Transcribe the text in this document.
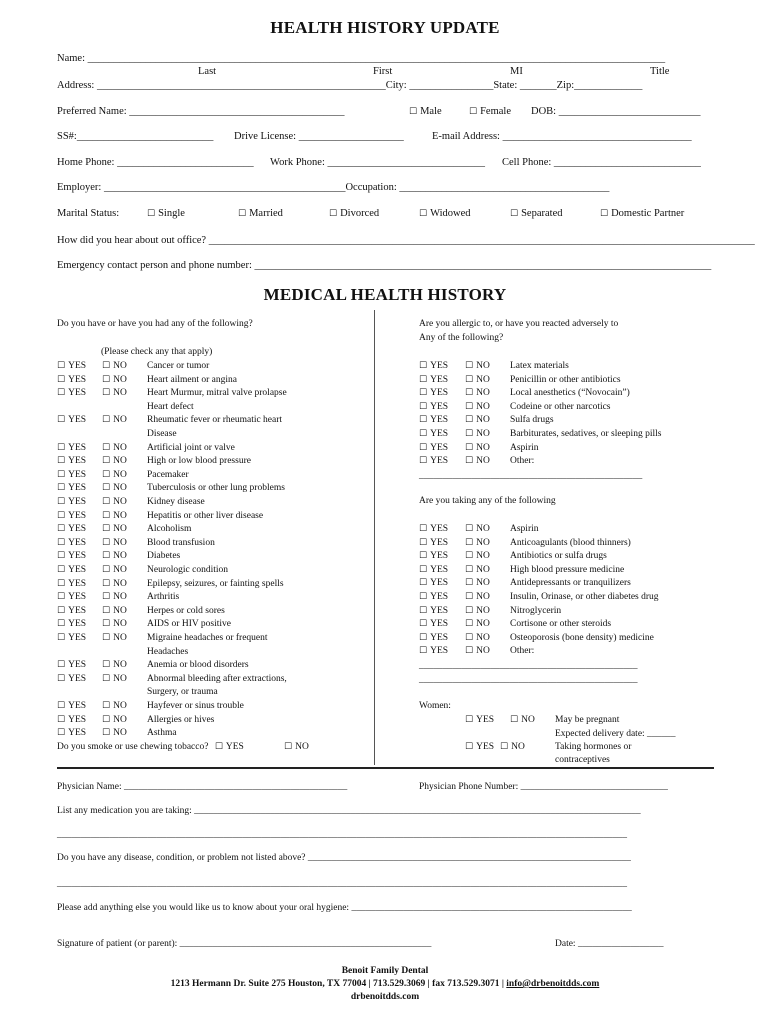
HEALTH HISTORY UPDATE
Name: ______________________________________________________________________________________________________________
Last	First	MI	Title
Address: _______________________________________________________City: ________________State: _______Zip:_____________
Preferred Name: _________________________________________ ☐	Male ☐	Female DOB: ___________________________
SS#:__________________________ Drive License: ____________________	E-mail Address: ____________________________________
Home Phone: __________________________ Work Phone: ______________________________ Cell Phone: ____________________________
Employer: ______________________________________________Occupation: ________________________________________
Marital Status: ☐	Single ☐	Married ☐	Divorced ☐	Widowed ☐	Separated ☐	Domestic Partner
How did you hear about out office? ________________________________________________________________________________________________________
Emergency contact person and phone number: _______________________________________________________________________________________
MEDICAL HEALTH HISTORY
Do you have or have you had any of the following?
(Please check any that apply)
☐ YES ☐	NO Cancer or tumor
☐ YES ☐	NO Heart ailment or angina
☐ YES ☐	NO Heart Murmur, mitral valve prolapse
Heart defect
☐ YES ☐	NO Rheumatic fever or rheumatic heart
Disease
☐ YES ☐	NO Artificial joint or valve
☐ YES ☐	NO High or low blood pressure
☐ YES ☐	NO Pacemaker
☐ YES ☐	NO Tuberculosis or other lung problems
☐ YES ☐	NO Kidney disease
☐ YES ☐	NO Hepatitis or other liver disease
☐ YES ☐	NO Alcoholism
☐ YES ☐	NO Blood transfusion
☐ YES ☐	NO Diabetes
☐ YES ☐	NO Neurologic condition
☐ YES ☐	NO Epilepsy, seizures, or fainting spells
☐ YES ☐	NO Arthritis
☐ YES ☐	NO Herpes or cold sores
☐ YES ☐	NO AIDS or HIV positive
☐ YES ☐	NO Migraine headaches or frequent
Headaches
☐ YES ☐	NO Anemia or blood disorders
☐ YES ☐	NO Abnormal bleeding after extractions,
Surgery, or trauma
☐ YES ☐	NO Hayfever or sinus trouble
☐ YES ☐	NO Allergies or hives
☐ YES ☐	NO Asthma
Do you smoke or use chewing tobacco? ☐ YES ☐	NO
Are you allergic to, or have you reacted adversely to
Any of the following?
☐ YES ☐	NO Latex materials
☐ YES ☐	NO Penicillin or other antibiotics
☐ YES ☐	NO Local anesthetics (“Novocain”)
☐ YES ☐	NO Codeine or other narcotics
☐ YES ☐	NO Sulfa drugs
☐ YES ☐	NO Barbiturates, sedatives, or sleeping pills
☐ YES ☐	NO Aspirin
☐ YES ☐	NO Other:
_______________________________________________
Are you taking any of the following
☐ YES ☐	NO Aspirin
☐ YES ☐	NO Anticoagulants (blood thinners)
☐ YES ☐	NO Antibiotics or sulfa drugs
☐ YES ☐	NO High blood pressure medicine
☐ YES ☐	NO Antidepressants or tranquilizers
☐ YES ☐	NO Insulin, Orinase, or other diabetes drug
☐ YES ☐	NO Nitroglycerin
☐ YES ☐	NO Cortisone or other steroids
☐ YES ☐	NO Osteoporosis (bone density) medicine
☐ YES ☐	NO Other:
______________________________________________
______________________________________________
Women:
☐ YES ☐	NO May be pregnant
Expected delivery date: ______
☐ YES ☐	NO	Taking hormones or
contraceptives
Physician Name: _______________________________________________	Physician Phone Number: _______________________________
List any medication you are taking: ______________________________________________________________________________________________
________________________________________________________________________________________________________________________
Do you have any disease, condition, or problem not listed above? ____________________________________________________________________
________________________________________________________________________________________________________________________
Please add anything else you would like us to know about your oral hygiene: ___________________________________________________________
Signature of patient (or parent): _____________________________________________________	Date: __________________
Benoit Family Dental
1213 Hermann Dr. Suite 275 Houston, TX 77004 | 713.529.3069 | fax 713.529.3071 | info@drbenoitdds.com
drbenoitdds.com
